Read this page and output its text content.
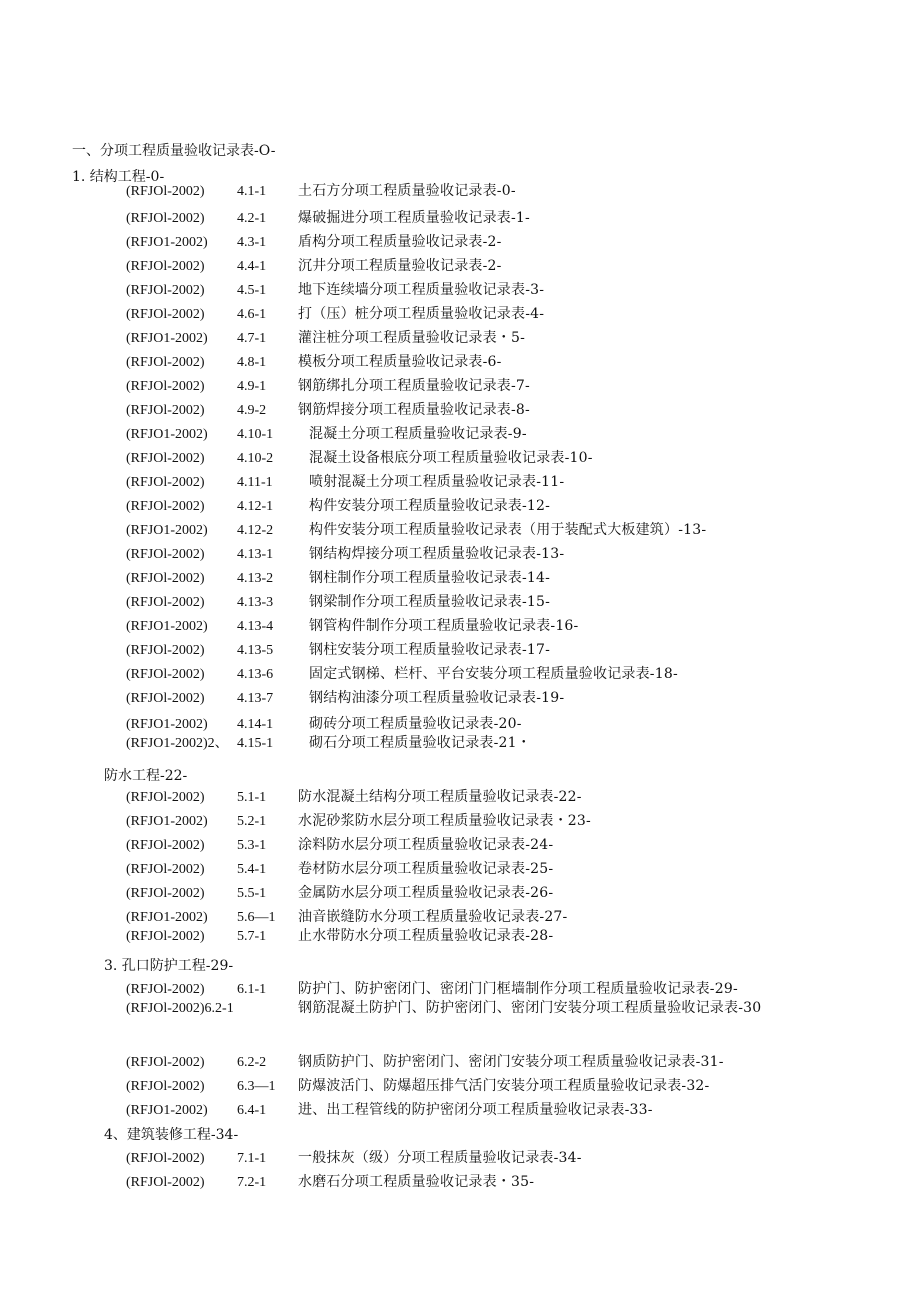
一、分项工程质量验收记录表-O-
1. 结构工程-0-
(RFJOl-2002) 4.1-1 土石方分项工程质量验收记录表-0-
(RFJOl-2002) 4.2-1 爆破掘进分项工程质量验收记录表-1-
(RFJO1-2002) 4.3-1 盾构分项工程质量验收记录表-2-
(RFJOl-2002) 4.4-1 沉井分项工程质量验收记录表-2-
(RFJOl-2002) 4.5-1 地下连续墙分项工程质量验收记录表-3-
(RFJOl-2002) 4.6-1 打（压）桩分项工程质量验收记录表-4-
(RFJO1-2002) 4.7-1 灌注桩分项工程质量验收记录表・5-
(RFJOl-2002) 4.8-1 模板分项工程质量验收记录表-6-
(RFJOl-2002) 4.9-1 钢筋绑扎分项工程质量验收记录表-7-
(RFJOl-2002) 4.9-2 钢筋焊接分项工程质量验收记录表-8-
(RFJO1-2002) 4.10-1	混凝土分项工程质量验收记录表-9-
(RFJOl-2002) 4.10-2	混凝土设备根底分项工程质量验收记录表-10-
(RFJOl-2002) 4.11-1	喷射混凝土分项工程质量验收记录表-11-
(RFJOl-2002) 4.12-1	构件安装分项工程质量验收记录表-12-
(RFJO1-2002) 4.12-2	构件安装分项工程质量验收记录表（用于装配式大板建筑）-13-
(RFJOl-2002) 4.13-1	钢结构焊接分项工程质量验收记录表-13-
(RFJOl-2002) 4.13-2	钢柱制作分项工程质量验收记录表-14-
(RFJOl-2002) 4.13-3	钢梁制作分项工程质量验收记录表-15-
(RFJO1-2002) 4.13-4	钢管构件制作分项工程质量验收记录表-16-
(RFJOl-2002) 4.13-5	钢柱安装分项工程质量验收记录表-17-
(RFJOl-2002) 4.13-6	固定式钢梯、栏杆、平台安装分项工程质量验收记录表-18-
(RFJOl-2002) 4.13-7	钢结构油漆分项工程质量验收记录表-19-
(RFJO1-2002) 4.14-1	砌砖分项工程质量验收记录表-20-
(RFJO1-2002)2、 4.15-1	砌石分项工程质量验收记录表-21・
防水工程-22-
(RFJOl-2002) 5.1-1 防水混凝土结构分项工程质量验收记录表-22-
(RFJO1-2002) 5.2-1 水泥砂浆防水层分项工程质量验收记录表・23-
(RFJOl-2002) 5.3-1 涂料防水层分项工程质量验收记录表-24-
(RFJOl-2002) 5.4-1 卷材防水层分项工程质量验收记录表-25-
(RFJOl-2002) 5.5-1 金属防水层分项工程质量验收记录表-26-
(RFJO1-2002) 5.6—1 油音嵌缝防水分项工程质量验收记录表-27-
(RFJOl-2002) 5.7-1 止水带防水分项工程质量验收记录表-28-
3. 孔口防护工程-29-
(RFJOl-2002) 6.1-1 防护门、防护密闭门、密闭门门框墙制作分项工程质量验收记录表-29-
(RFJOl-2002)6.2-1	钢筋混凝土防护门、防护密闭门、密闭门安装分项工程质量验收记录表-30
(RFJOl-2002) 6.2-2 钢质防护门、防护密闭门、密闭门安装分项工程质量验收记录表-31-
(RFJOl-2002) 6.3—1 防爆波活门、防爆超压排气活门安装分项工程质量验收记录表-32-
(RFJO1-2002) 6.4-1 进、出工程管线的防护密闭分项工程质量验收记录表-33-
4、建筑装修工程-34-
(RFJOl-2002) 7.1-1 一般抹灰（级）分项工程质量验收记录表-34-
(RFJOl-2002) 7.2-1 水磨石分项工程质量验收记录表・35-
